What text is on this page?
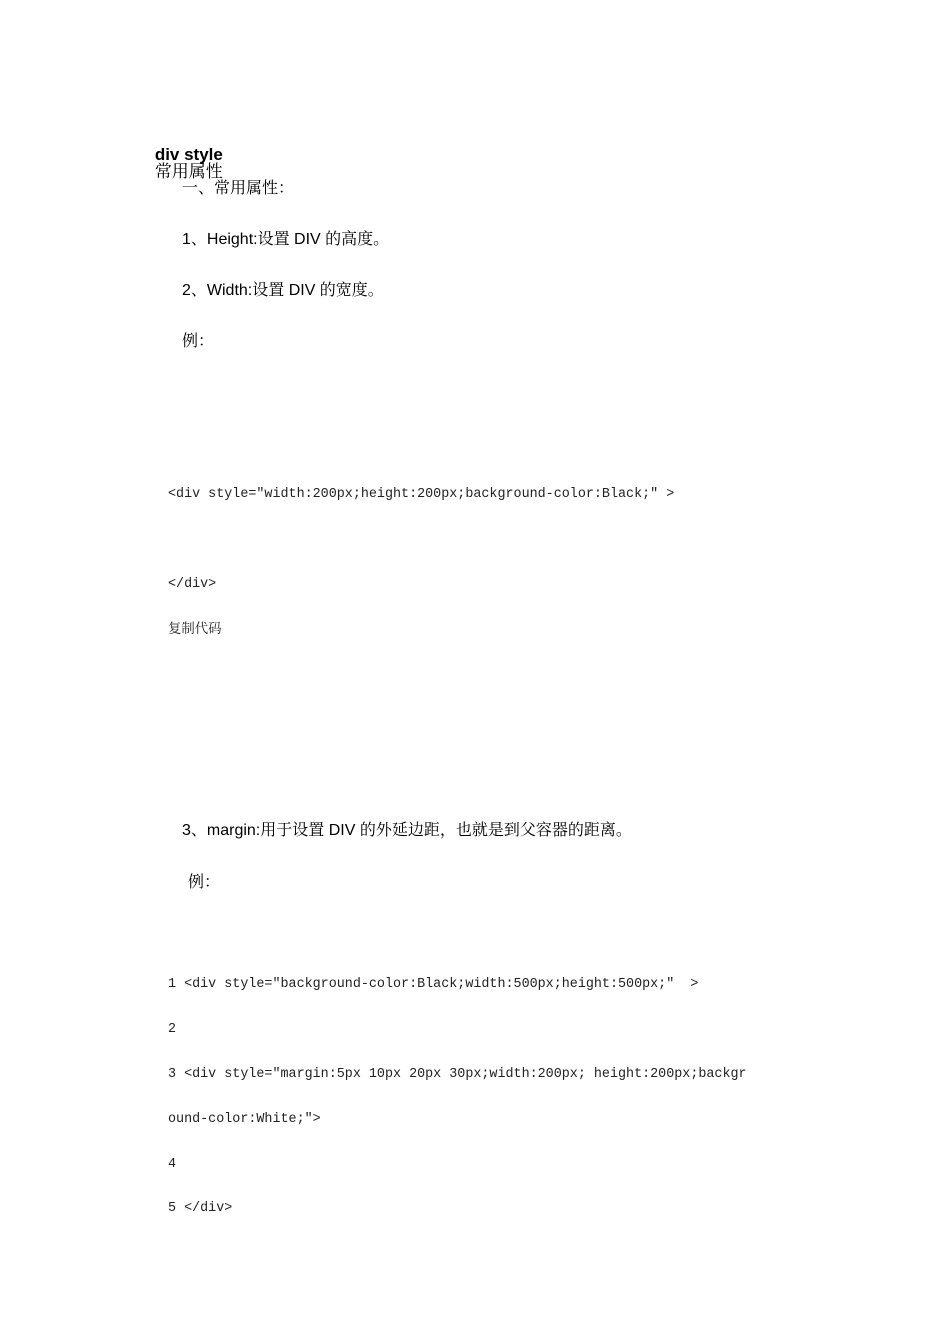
div style
常用属性

一、常用属性：
1、Height:设置 DIV 的高度。
2、Width:设置 DIV 的宽度。
例：
<div style="width:200px;height:200px;background-color:Black;" >
</div>
复制代码
3、margin:用于设置 DIV 的外延边距，也就是到父容器的距离。
例：
1 <div style="background-color:Black;width:500px;height:500px;"  >
2
3 <div style="margin:5px 10px 20px 30px;width:200px; height:200px;backgr
ound-color:White;">
4
5 </div>
